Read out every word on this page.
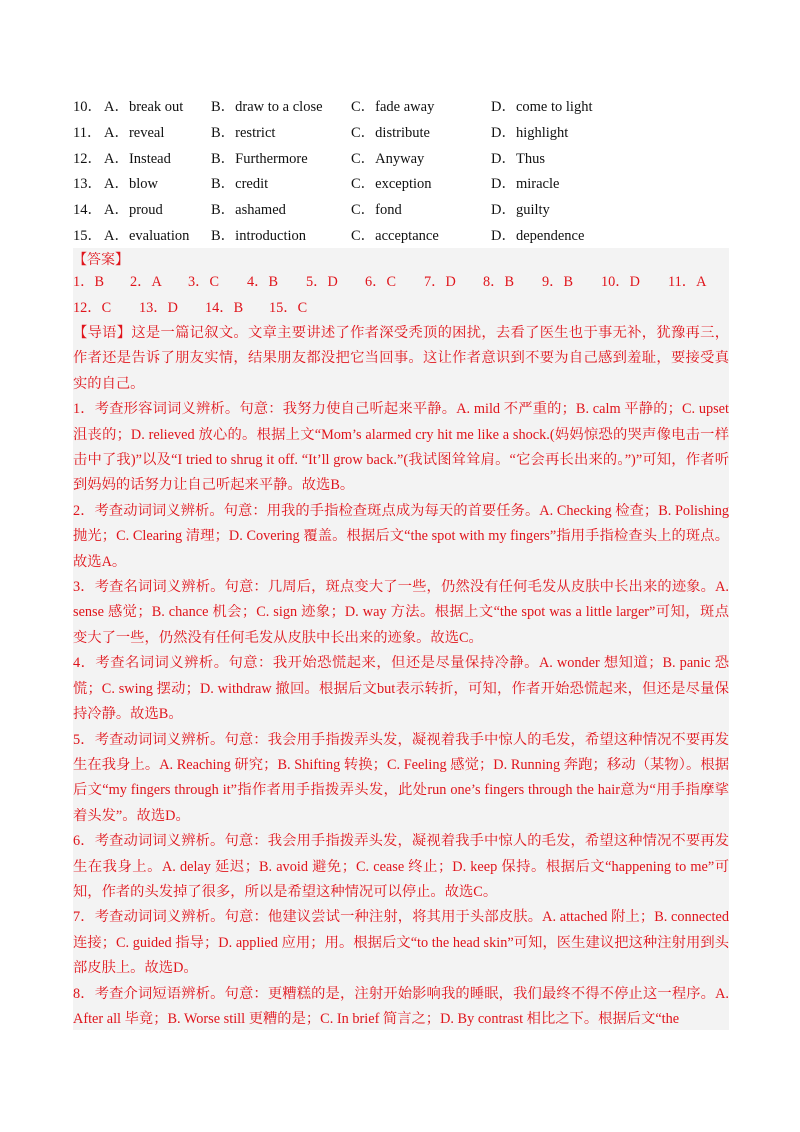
10． A．break out B．draw to a close C．fade away	D．come to light
11． A．reveal	B．restrict	C．distribute	D．highlight
12． A．Instead	B．Furthermore	C．Anyway	D．Thus
13． A．blow	B．credit	C．exception	D．miracle
14． A．proud	B．ashamed	C．fond	D．guilty
15． A．evaluation B．introduction	C．acceptance	D．dependence
【答案】
1．B 2．A 3．C 4．B 5．D 6．C 7．D 8．B 9．B 10．D 11．A
12．C 13．D 14．B 15．C

【导语】这是一篇记叙文。文章主要讲述了作者深受秃顶的困扰，去看了医生也于事无补，犹豫再三，作者还是告诉了朋友实情，结果朋友都没把它当回事。这让作者意识到不要为自己感到羞耻，要接受真实的自己。

1．考查形容词词义辨析。句意：我努力使自己听起来平静。A. mild 不严重的；B. calm 平静的；C. upset 沮丧的；D. relieved 放心的。根据上文“Mom’s alarmed cry hit me like a shock.(妈妈惊恐的哭声像电击一样击中了我)”以及“I tried to shrug it off. “It’ll grow back.”(我试图耸耸肩。“它会再长出来的。”)”可知，作者听到妈妈的话努力让自己听起来平静。故选B。

2．考查动词词义辨析。句意：用我的手指检查斑点成为每天的首要任务。A. Checking 检查；B. Polishing 抛光；C. Clearing 清理；D. Covering 覆盖。根据后文“the spot with my fingers”指用手指检查头上的斑点。故选A。

3．考查名词词义辨析。句意：几周后，斑点变大了一些，仍然没有任何毛发从皮肤中长出来的迹象。A. sense 感觉；B. chance 机会；C. sign 迹象；D. way 方法。根据上文“the spot was a little larger”可知，斑点变大了一些，仍然没有任何毛发从皮肤中长出来的迹象。故选C。

4．考查名词词义辨析。句意：我开始恐慌起来，但还是尽量保持冷静。A. wonder 想知道；B. panic 恐慌；C. swing 摆动；D. withdraw 撤回。根据后文but表示转折，可知，作者开始恐慌起来，但还是尽量保持冷静。故选B。

5．考查动词词义辨析。句意：我会用手指拨弄头发，凝视着我手中惊人的毛发，希望这种情况不要再发生在我身上。A. Reaching 研究；B. Shifting 转换；C. Feeling 感觉；D. Running 奔跑；移动（某物）。根据后文“my fingers through it”指作者用手指拨弄头发，此处run one’s fingers through the hair意为“用手指摩挲着头发”。故选D。

6．考查动词词义辨析。句意：我会用手指拨弄头发，凝视着我手中惊人的毛发，希望这种情况不要再发生在我身上。A. delay 延迟；B. avoid 避免；C. cease 终止；D. keep 保持。根据后文“happening to me”可知，作者的头发掉了很多，所以是希望这种情况可以停止。故选C。

7．考查动词词义辨析。句意：他建议尝试一种注射，将其用于头部皮肤。A. attached 附上；B. connected 连接；C. guided 指导；D. applied 应用；用。根据后文“to the head skin”可知，医生建议把这种注射用到头部皮肤上。故选D。

8．考查介词短语辨析。句意：更糟糕的是，注射开始影响我的睡眠，我们最终不得不停止这一程序。A. After all 毕竟；B. Worse still 更糟的是；C. In brief 简言之；D. By contrast 相比之下。根据后文“the
